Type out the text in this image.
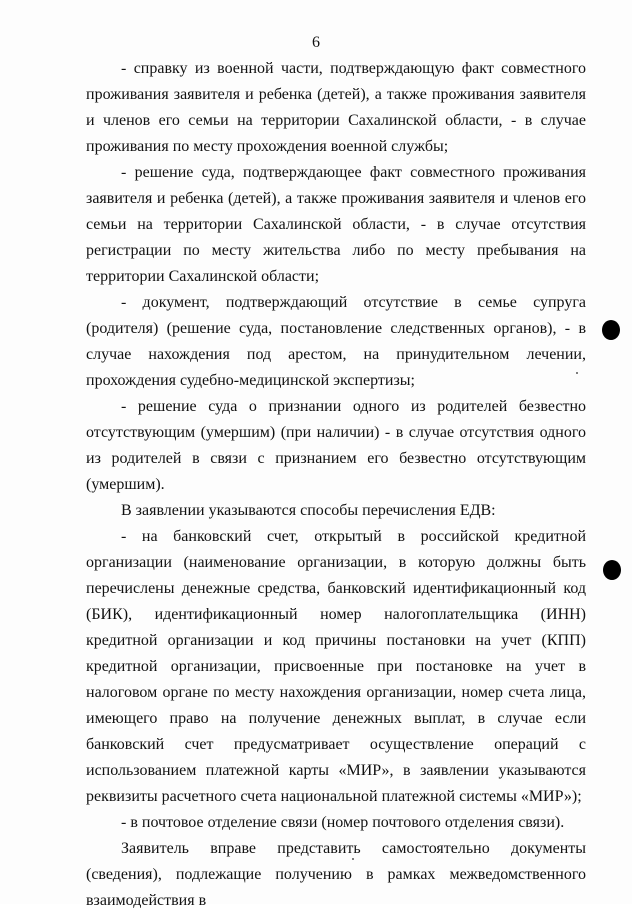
6

- справку из военной части, подтверждающую факт совместного проживания заявителя и ребенка (детей), а также проживания заявителя и членов его семьи на территории Сахалинской области, - в случае проживания по месту прохождения военной службы;

- решение суда, подтверждающее факт совместного проживания заявителя и ребенка (детей), а также проживания заявителя и членов его семьи на территории Сахалинской области, - в случае отсутствия регистрации по месту жительства либо по месту пребывания на территории Сахалинской области;

- документ, подтверждающий отсутствие в семье супруга (родителя) (решение суда, постановление следственных органов), - в случае нахождения под арестом, на принудительном лечении, прохождения судебно-медицинской экспертизы;

- решение суда о признании одного из родителей безвестно отсутствующим (умершим) (при наличии) - в случае отсутствия одного из родителей в связи с признанием его безвестно отсутствующим (умершим).

В заявлении указываются способы перечисления ЕДВ:

- на банковский счет, открытый в российской кредитной организации (наименование организации, в которую должны быть перечислены денежные средства, банковский идентификационный код (БИК), идентификационный номер налогоплательщика (ИНН) кредитной организации и код причины постановки на учет (КПП) кредитной организации, присвоенные при постановке на учет в налоговом органе по месту нахождения организации, номер счета лица, имеющего право на получение денежных выплат, в случае если банковский счет предусматривает осуществление операций с использованием платежной карты «МИР», в заявлении указываются реквизиты расчетного счета национальной платежной системы «МИР»);

- в почтовое отделение связи (номер почтового отделения связи).

Заявитель вправе представить самостоятельно документы (сведения), подлежащие получению в рамках межведомственного взаимодействия в
